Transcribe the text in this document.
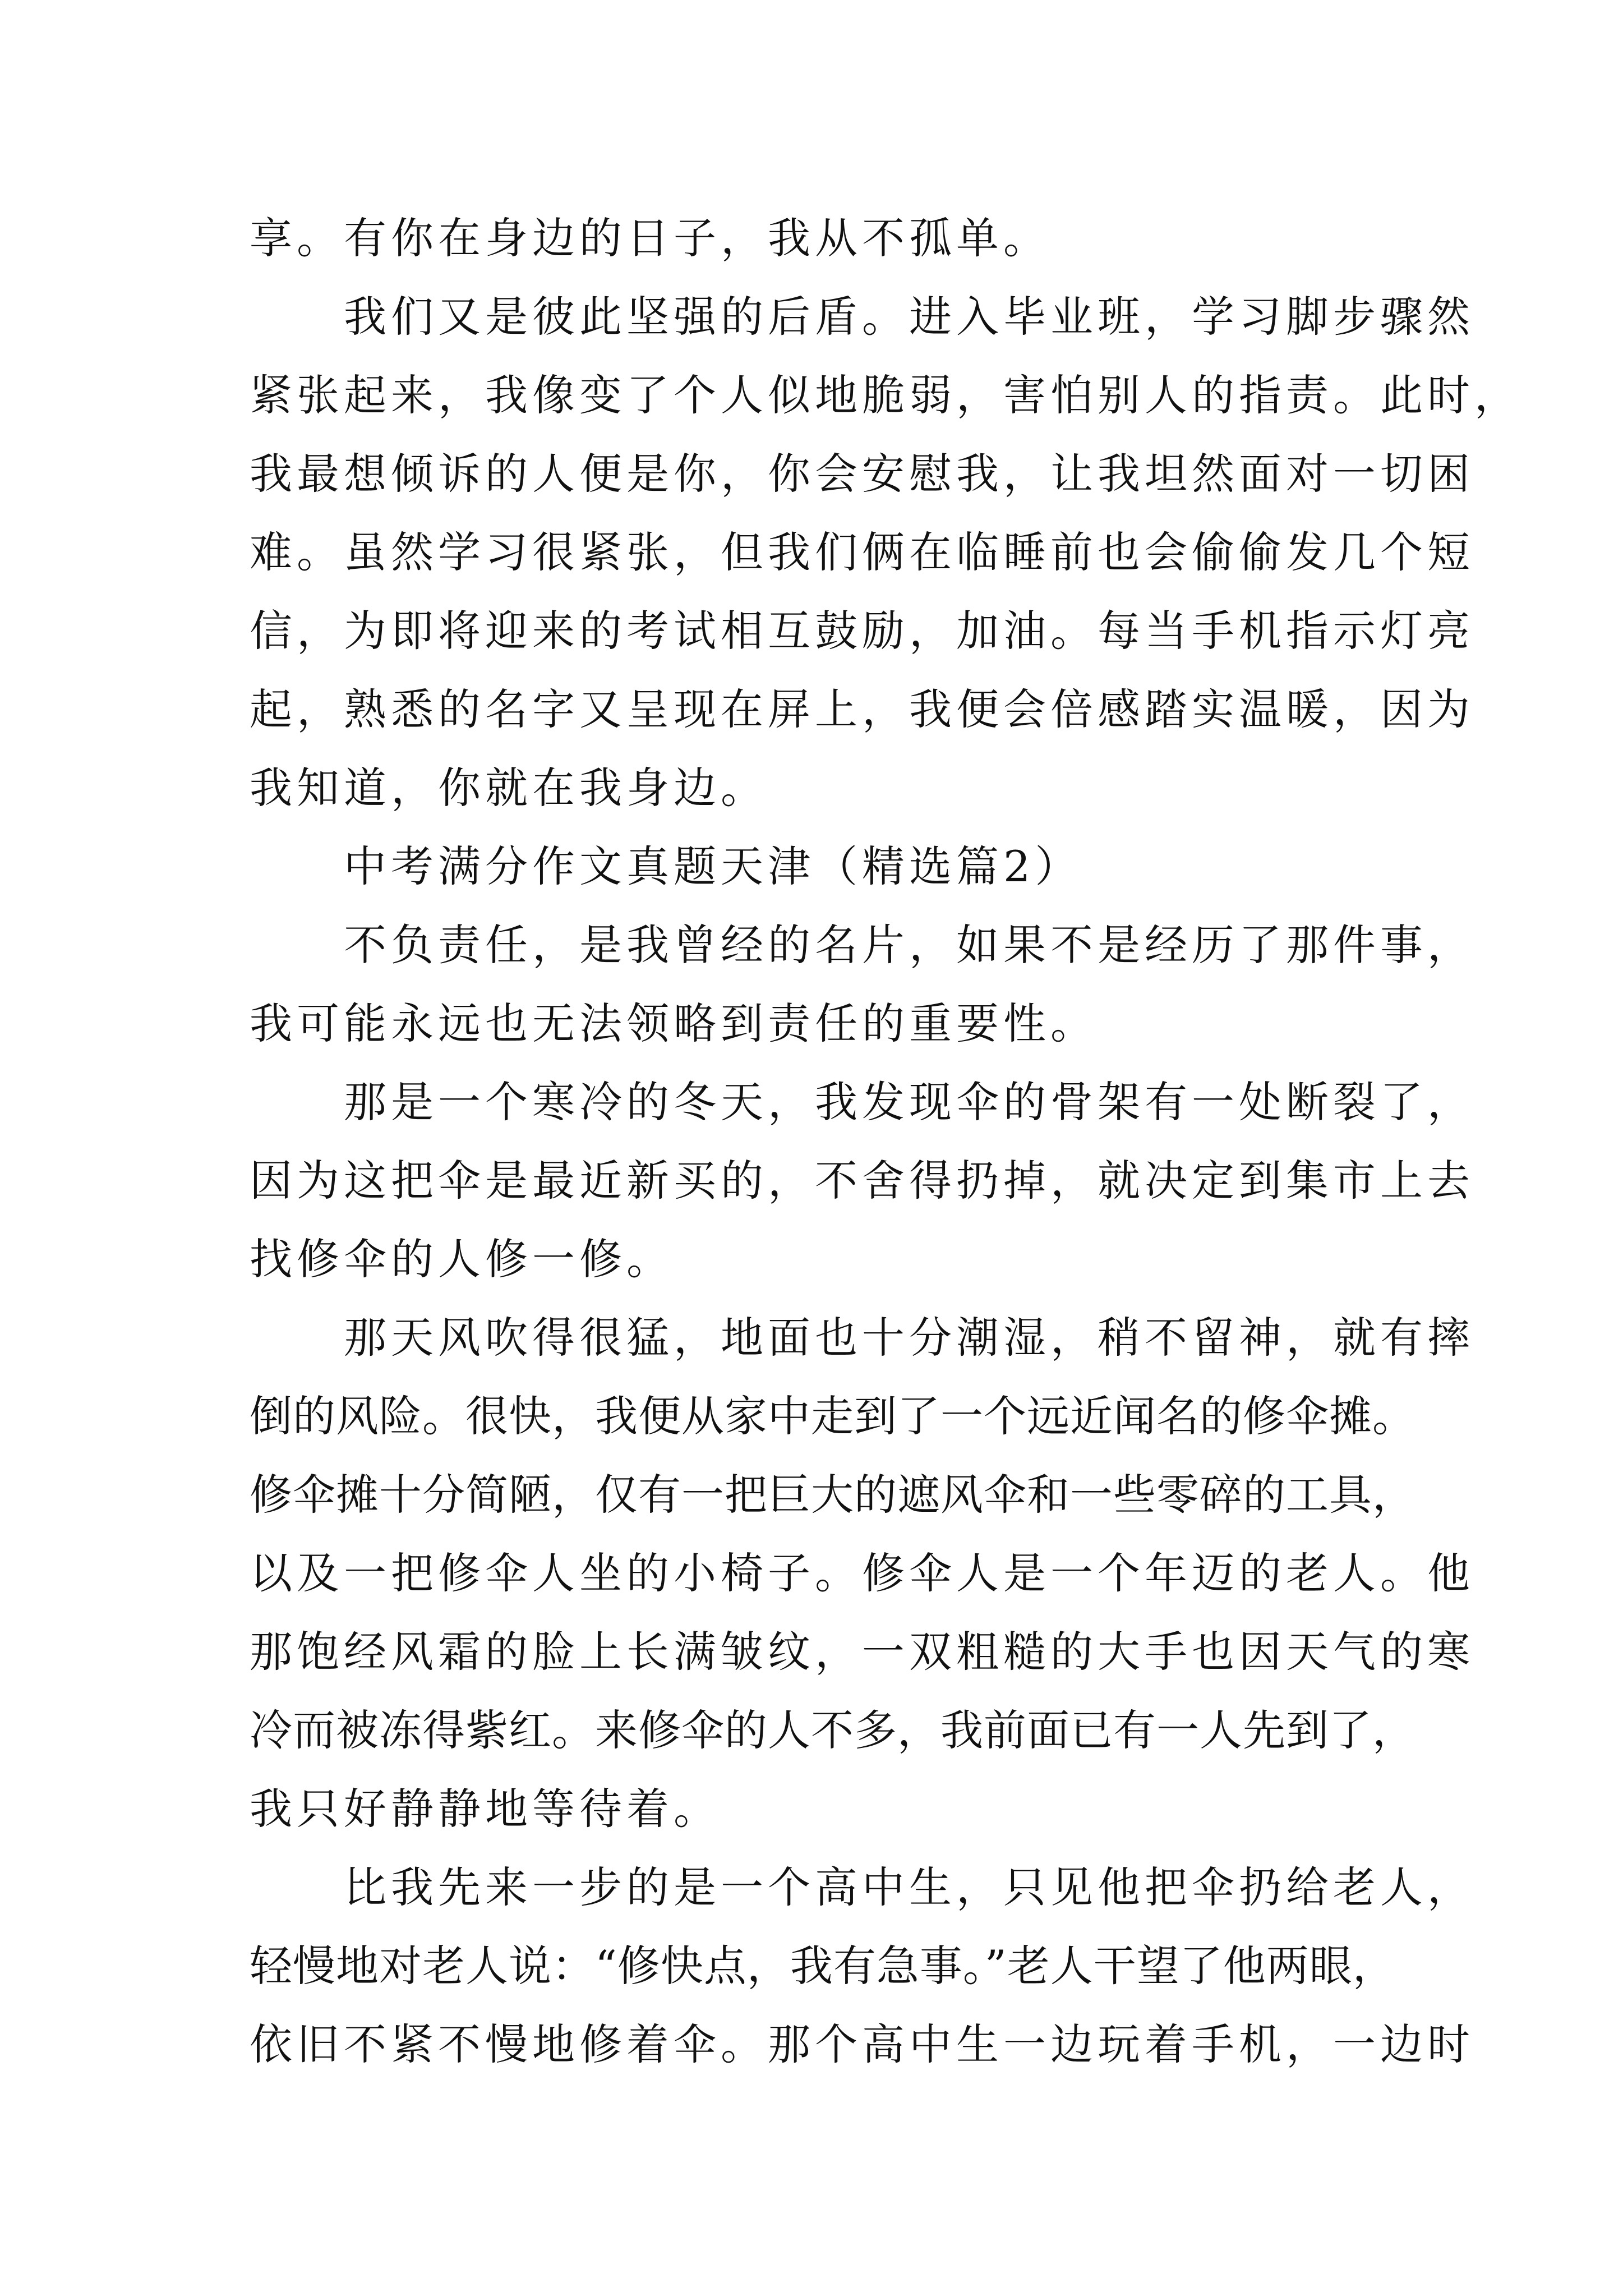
享。有你在身边的日子，我从不孤单。
　　我们又是彼此坚强的后盾。进入毕业班，学习脚步骤然
紧张起来，我像变了个人似地脆弱，害怕别人的指责。此时，
我最想倾诉的人便是你，你会安慰我，让我坦然面对一切困
难。虽然学习很紧张，但我们俩在临睡前也会偷偷发几个短
信，为即将迎来的考试相互鼓励，加油。每当手机指示灯亮
起，熟悉的名字又呈现在屏上，我便会倍感踏实温暖，因为
我知道，你就在我身边。
　　中考满分作文真题天津（精选篇2）
　　不负责任，是我曾经的名片，如果不是经历了那件事，
我可能永远也无法领略到责任的重要性。
　　那是一个寒冷的冬天，我发现伞的骨架有一处断裂了，
因为这把伞是最近新买的，不舍得扔掉，就决定到集市上去
找修伞的人修一修。
　　那天风吹得很猛，地面也十分潮湿，稍不留神，就有摔
倒的风险。很快，我便从家中走到了一个远近闻名的修伞摊。
修伞摊十分简陋，仅有一把巨大的遮风伞和一些零碎的工具，
以及一把修伞人坐的小椅子。修伞人是一个年迈的老人。他
那饱经风霜的脸上长满皱纹，一双粗糙的大手也因天气的寒
冷而被冻得紫红。来修伞的人不多，我前面已有一人先到了，
我只好静静地等待着。
　　比我先来一步的是一个高中生，只见他把伞扔给老人，
轻慢地对老人说：“修快点，我有急事。”老人干望了他两眼，
依旧不紧不慢地修着伞。那个高中生一边玩着手机，一边时
